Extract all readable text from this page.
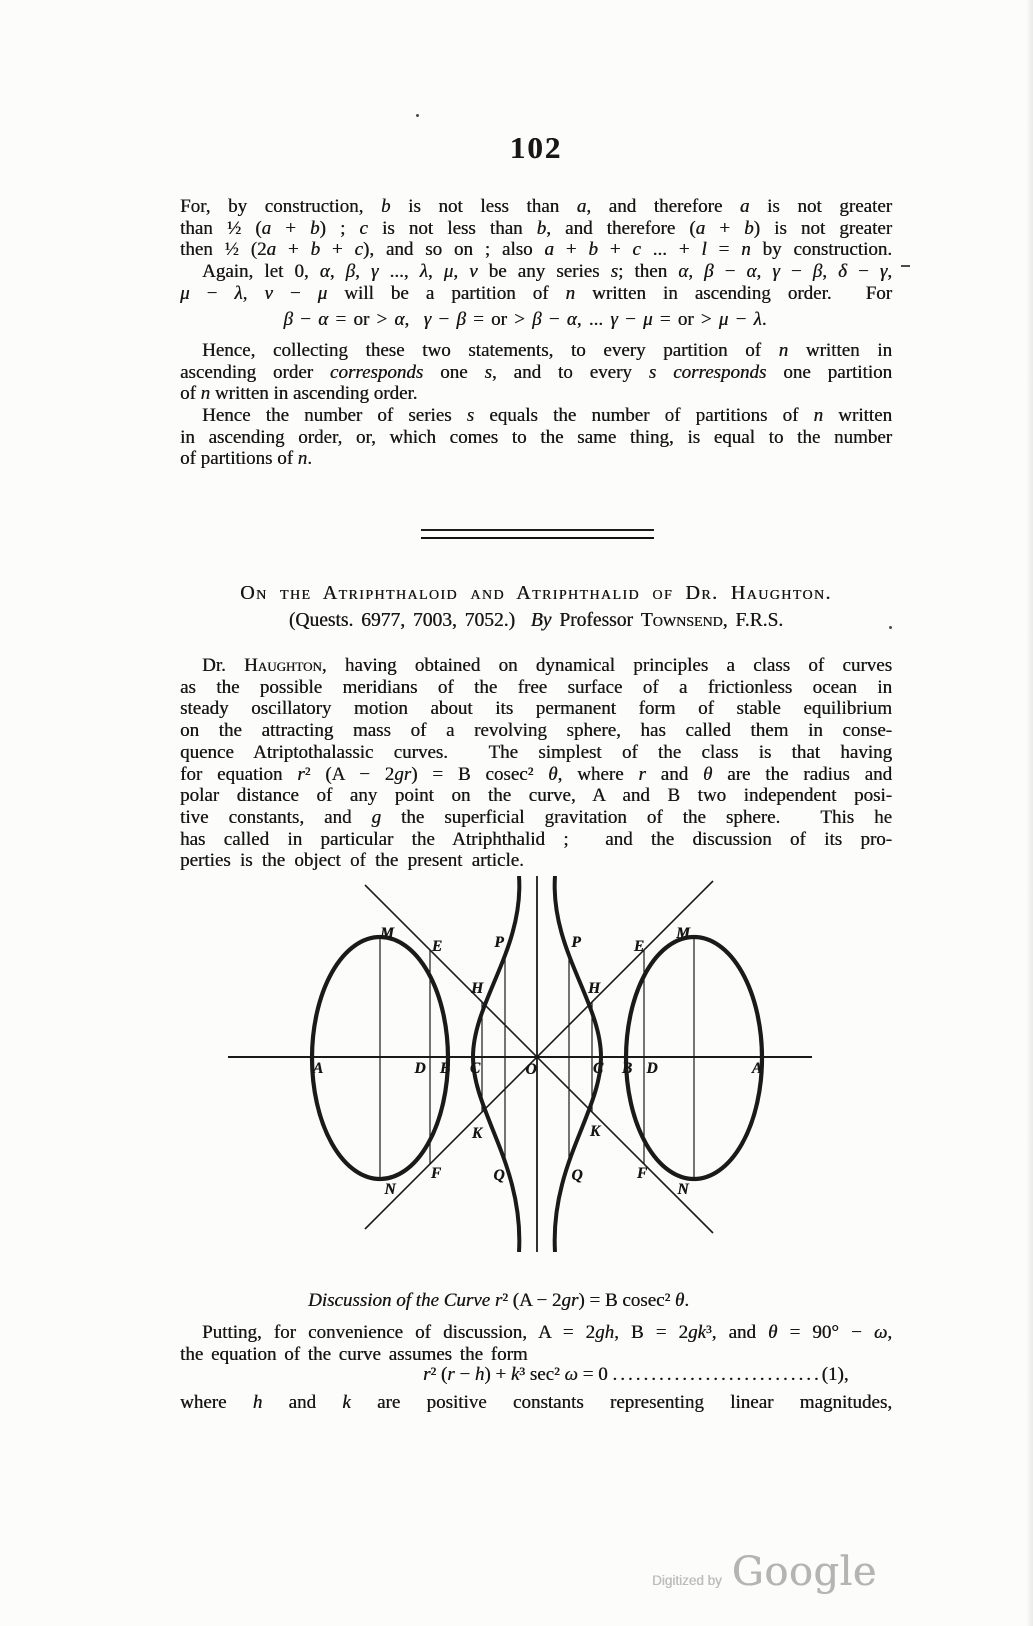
102
For, by construction, b is not less than a, and therefore a is not greater
than ½ (a + b) ; c is not less than b, and therefore (a + b) is not greater
then ½ (2a + b + c), and so on ; also a + b + c ... + l = n by construction.
Again, let 0, α, β, γ ..., λ, μ, ν be any series s; then α, β − α, γ − β, δ − γ,
μ − λ, ν − μ will be a partition of n written in ascending order.  For
β − α = or > α,  γ − β = or > β − α, ... γ − μ = or > μ − λ.
Hence, collecting these two statements, to every partition of n written in
ascending order corresponds one s, and to every s corresponds one partition
of n written in ascending order.
Hence the number of series s equals the number of partitions of n written
in ascending order, or, which comes to the same thing, is equal to the number
of partitions of n.
On the Atriphthaloid and Atriphthalid of Dr. Haughton.
(Quests. 6977, 7003, 7052.)  By Professor Townsend, F.R.S.
Dr. Haughton, having obtained on dynamical principles a class of curves
as the possible meridians of the free surface of a frictionless ocean in
steady oscillatory motion about its permanent form of stable equilibrium
on the attracting mass of a revolving sphere, has called them in conse-
quence Atriptothalassic curves.  The simplest of the class is that having
for equation r² (A − 2gr) = B cosec² θ, where r and θ are the radius and
polar distance of any point on the curve, A and B two independent posi-
tive constants, and g the superficial gravitation of the sphere.  This he
has called in particular the Atriphthalid ;  and the discussion of its pro-
perties is the object of the present article.
M
E	P
H
K
N
F	Q
A	D B C	O	C B D	A
M
E
P
H
K
N
F
Q
Discussion of the Curve r² (A − 2gr) = B cosec² θ.
Putting, for convenience of discussion, A = 2gh, B = 2gk³, and θ = 90° − ω,
the equation of the curve assumes the form
r² (r − h) + k³ sec² ω = 0 ...........................(1),
where h and k are positive constants representing linear magnitudes,
Digitized by Google
